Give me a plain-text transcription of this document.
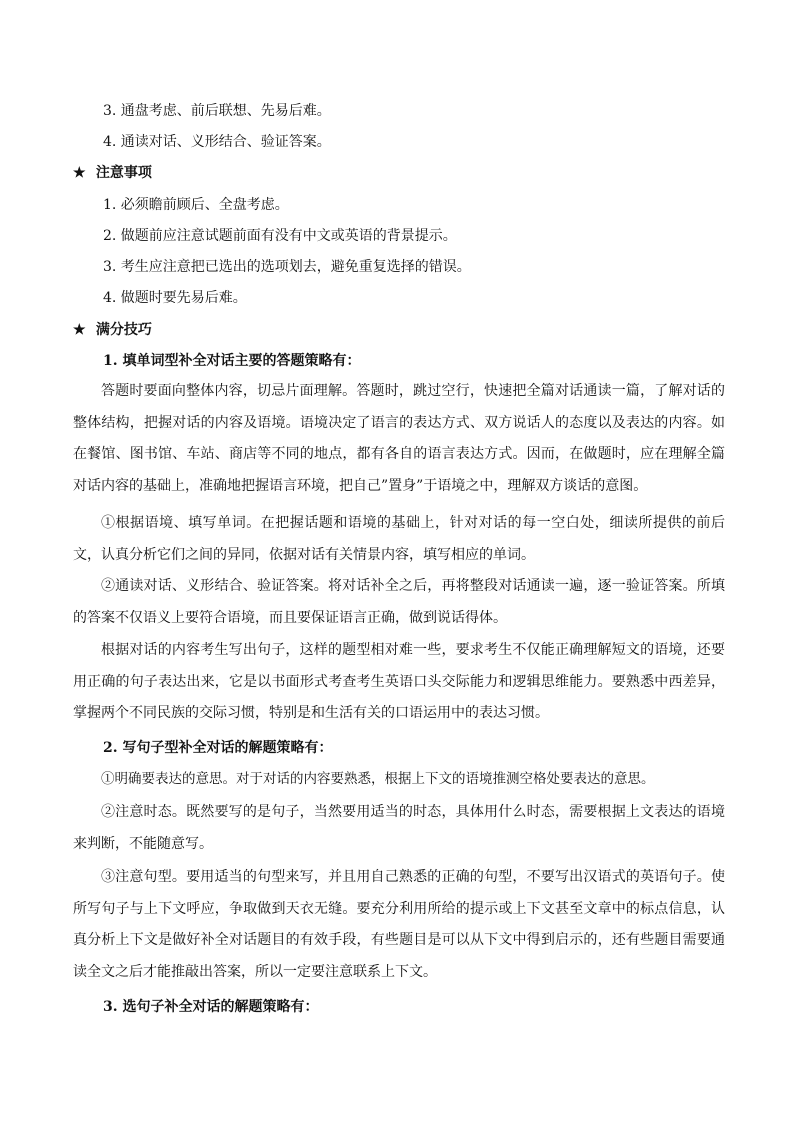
3. 通盘考虑、前后联想、先易后难。
4. 通读对话、义形结合、验证答案。
★ 注意事项
1. 必须瞻前顾后、全盘考虑。
2. 做题前应注意试题前面有没有中文或英语的背景提示。
3. 考生应注意把已选出的选项划去，避免重复选择的错误。
4. 做题时要先易后难。
★ 满分技巧
1. 填单词型补全对话主要的答题策略有：
答题时要面向整体内容，切忌片面理解。答题时，跳过空行，快速把全篇对话通读一篇，了解对话的整体结构，把握对话的内容及语境。语境决定了语言的表达方式、双方说话人的态度以及表达的内容。如在餐馆、图书馆、车站、商店等不同的地点，都有各自的语言表达方式。因而，在做题时，应在理解全篇对话内容的基础上，准确地把握语言环境，把自己”置身”于语境之中，理解双方谈话的意图。
①根据语境、填写单词。在把握话题和语境的基础上，针对对话的每一空白处，细读所提供的前后文，认真分析它们之间的异同，依据对话有关情景内容，填写相应的单词。
②通读对话、义形结合、验证答案。将对话补全之后，再将整段对话通读一遍，逐一验证答案。所填的答案不仅语义上要符合语境，而且要保证语言正确，做到说话得体。
根据对话的内容考生写出句子，这样的题型相对难一些，要求考生不仅能正确理解短文的语境，还要用正确的句子表达出来，它是以书面形式考查考生英语口头交际能力和逻辑思维能力。要熟悉中西差异，掌握两个不同民族的交际习惯，特别是和生活有关的口语运用中的表达习惯。
2. 写句子型补全对话的解题策略有：
①明确要表达的意思。对于对话的内容要熟悉，根据上下文的语境推测空格处要表达的意思。
②注意时态。既然要写的是句子，当然要用适当的时态，具体用什么时态，需要根据上文表达的语境来判断，不能随意写。
③注意句型。要用适当的句型来写，并且用自己熟悉的正确的句型，不要写出汉语式的英语句子。使所写句子与上下文呼应，争取做到天衣无缝。要充分利用所给的提示或上下文甚至文章中的标点信息，认真分析上下文是做好补全对话题目的有效手段，有些题目是可以从下文中得到启示的，还有些题目需要通读全文之后才能推敲出答案，所以一定要注意联系上下文。
3. 选句子补全对话的解题策略有：
